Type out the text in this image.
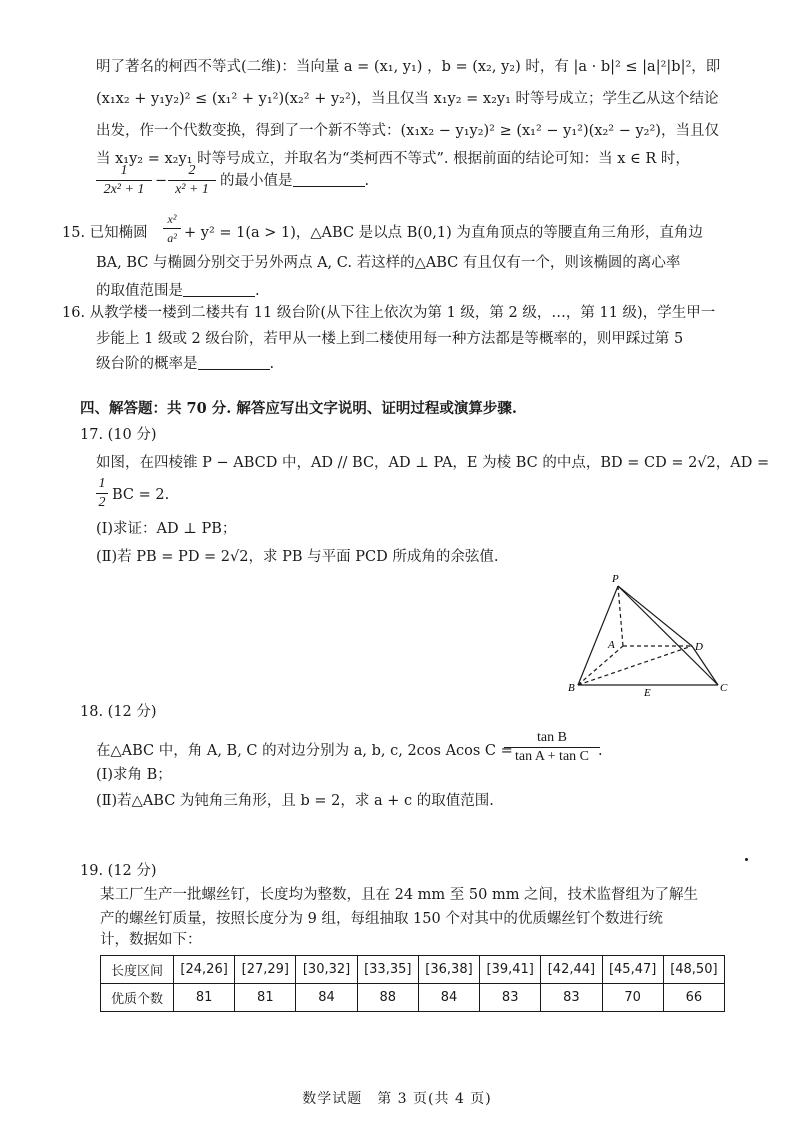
明了著名的柯西不等式(二维)：当向量 a = (x₁, y₁) ，b = (x₂, y₂) 时，有 |a · b|² ≤ |a|²|b|²，即
(x₁x₂ + y₁y₂)² ≤ (x₁² + y₁²)(x₂² + y₂²)，当且仅当 x₁y₂ = x₂y₁ 时等号成立；学生乙从这个结论
出发，作一个代数变换，得到了一个新不等式：(x₁x₂ − y₁y₂)² ≥ (x₁² − y₁²)(x₂² − y₂²)，当且仅
当 x₁y₂ = x₂y₁ 时等号成立，并取名为“类柯西不等式”. 根据前面的结论可知：当 x ∈ R 时，
1
2x² + 1
−
2
x² + 1
的最小值是	.
15. 已知椭圆
x²
a² + y² = 1(a > 1)，△ABC 是以点 B(0,1) 为直角顶点的等腰直角三角形，直角边
BA, BC 与椭圆分别交于另外两点 A, C. 若这样的△ABC 有且仅有一个，则该椭圆的离心率
的取值范围是	.
16. 从教学楼一楼到二楼共有 11 级台阶(从下往上依次为第 1 级，第 2 级，…，第 11 级)，学生甲一
步能上 1 级或 2 级台阶，若甲从一楼上到二楼使用每一种方法都是等概率的，则甲踩过第 5
级台阶的概率是	.
四、解答题：共 70 分. 解答应写出文字说明、证明过程或演算步骤.
17. (10 分)
如图，在四棱锥 P − ABCD 中，AD // BC，AD ⊥ PA，E 为棱 BC 的中点，BD = CD = 2√2，AD =
1
2 BC = 2.
(Ⅰ)求证：AD ⊥ PB；
(Ⅱ)若 PB = PD = 2√2，求 PB 与平面 PCD 所成角的余弦值.
P
A	D
B	E	C
18. (12 分)
在△ABC 中，角 A, B, C 的对边分别为 a, b, c, 2cos Acos C =
tan B
tan A + tan C .
(Ⅰ)求角 B；
(Ⅱ)若△ABC 为钝角三角形，且 b = 2，求 a + c 的取值范围.
19. (12 分)
某工厂生产一批螺丝钉，长度均为整数，且在 24 mm 至 50 mm 之间，技术监督组为了解生
产的螺丝钉质量，按照长度分为 9 组，每组抽取 150 个对其中的优质螺丝钉个数进行统
计，数据如下：
长度区间	[24,26]	[27,29]	[30,32]	[33,35]	[36,38]	[39,41]	[42,44]	[45,47]	[48,50]
优质个数	81	81	84	88	84	83	83	70	66
数学试题　第 3 页(共 4 页)
